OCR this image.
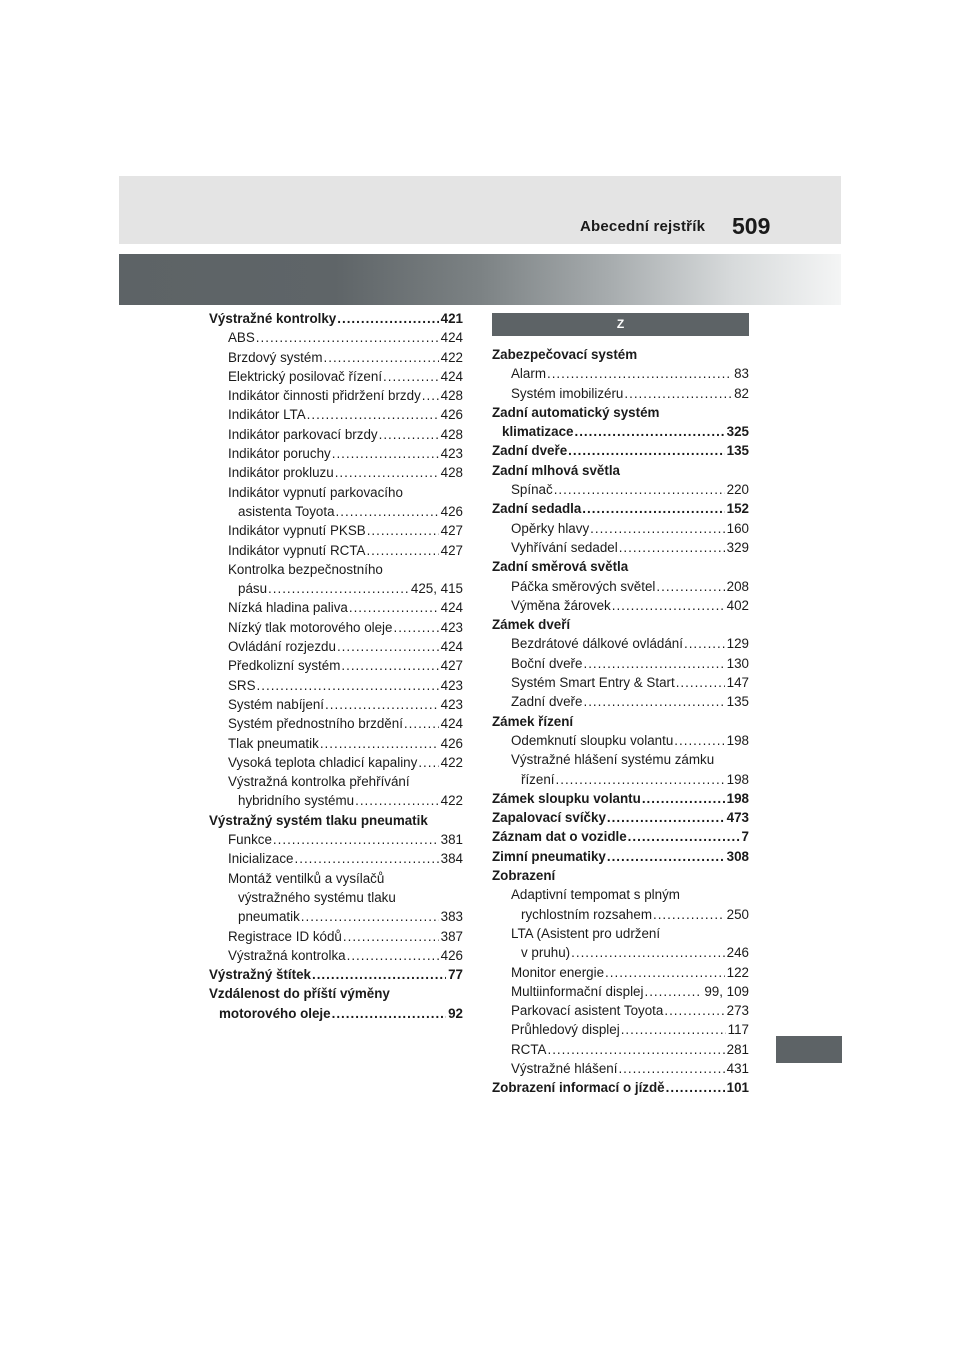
Abecední rejstřík 509
Výstražné kontrolky .....	421
ABS .....	424
Brzdový systém .....	422
Elektrický posilovač řízení .....	424
Indikátor činnosti přidržení brzdy ..... 428
Indikátor LTA .....	426
Indikátor parkovací brzdy .....	428
Indikátor poruchy .....	423
Indikátor prokluzu .....	428
Indikátor vypnutí parkovacího
asistenta Toyota .....	426
Indikátor vypnutí PKSB .....	427
Indikátor vypnutí RCTA .....	427
Kontrolka bezpečnostního
pásu .....	425, 415
Nízká hladina paliva .....	424
Nízký tlak motorového oleje .....	423
Ovládání rozjezdu .....	424
Předkolizní systém .....	427
SRS .....	423
Systém nabíjení .....	423
Systém přednostního brzdění .....	424
Tlak pneumatik .....	426
Vysoká teplota chladicí kapaliny ..... 422
Výstražná kontrolka přehřívání
hybridního systému .....	422
Výstražný systém tlaku pneumatik
Funkce .....	381
Inicializace .....	384
Montáž ventilků a vysílačů
výstražného systému tlaku
pneumatik .....	383
Registrace ID kódů .....	387
Výstražná kontrolka .....	426
Výstražný štítek .....	77
Vzdálenost do příští výměny
motorového oleje .....	92
Z
Zabezpečovací systém
Alarm .....	83
Systém imobilizéru .....	82
Zadní automatický systém
klimatizace .....	325
Zadní dveře .....	135
Zadní mlhová světla
Spínač .....	220
Zadní sedadla .....	152
Opěrky hlavy .....	160
Vyhřívání sedadel .....	329
Zadní směrová světla
Páčka směrových světel .....	208
Výměna žárovek .....	402
Zámek dveří
Bezdrátové dálkové ovládání .....	129
Boční dveře .....	130
Systém Smart Entry & Start .....	147
Zadní dveře .....	135
Zámek řízení
Odemknutí sloupku volantu .....	198
Výstražné hlášení systému zámku
řízení .....	198
Zámek sloupku volantu .....	198
Zapalovací svíčky .....	473
Záznam dat o vozidle .....	7
Zimní pneumatiky .....	308
Zobrazení
Adaptivní tempomat s plným
rychlostním rozsahem .....	250
LTA (Asistent pro udržení
v pruhu) .....	246
Monitor energie .....	122
Multiinformační displej .....	99, 109
Parkovací asistent Toyota .....	273
Průhledový displej .....	117
RCTA .....	281
Výstražné hlášení .....	431
Zobrazení informací o jízdě .....	101
